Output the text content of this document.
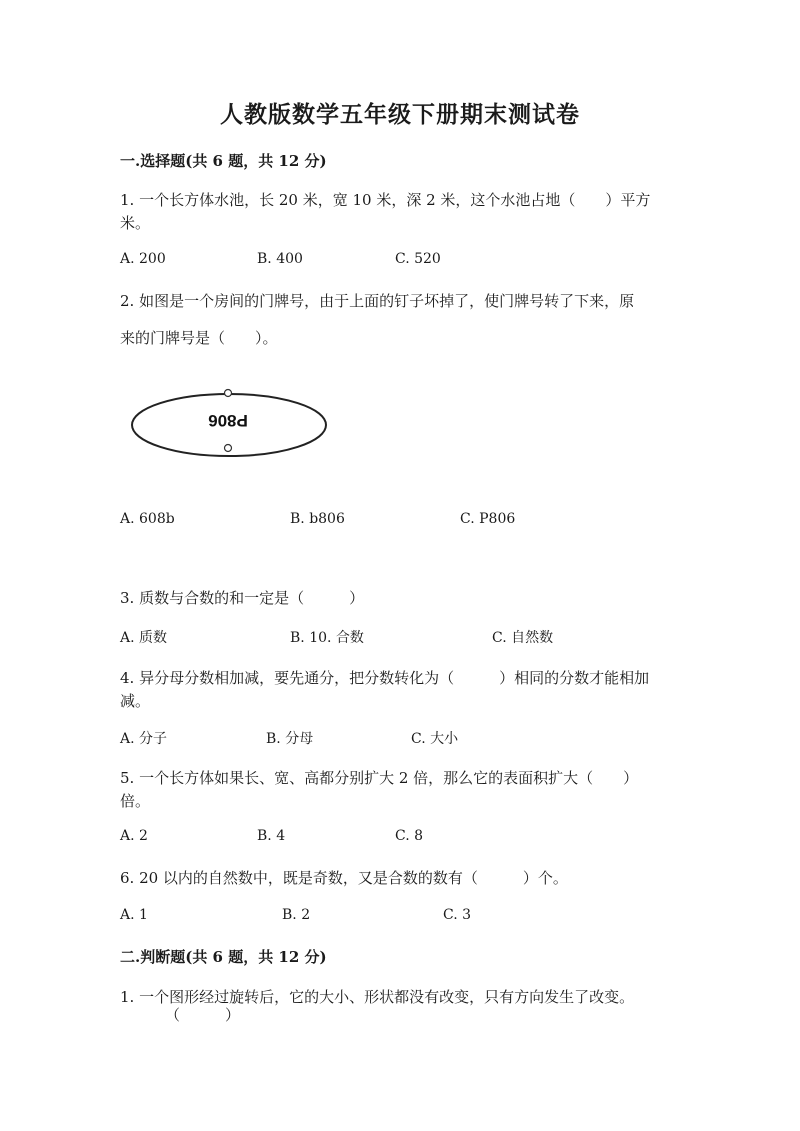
人教版数学五年级下册期末测试卷
一.选择题(共 6 题，共 12 分)
1. 一个长方体水池，长 20 米，宽 10 米，深 2 米，这个水池占地（　　）平方
米。
A. 200	B. 400	C. 520
2. 如图是一个房间的门牌号，由于上面的钉子坏掉了，使门牌号转了下来，原
来的门牌号是（　　）。
P806
A. 608b	B. b806	C. P806
3. 质数与合数的和一定是（　　　）
A. 质数	B. 10. 合数	C. 自然数
4. 异分母分数相加减，要先通分，把分数转化为（　　　）相同的分数才能相加
减。
A. 分子	B. 分母	C. 大小
5. 一个长方体如果长、宽、高都分别扩大 2 倍，那么它的表面积扩大（　　）
倍。
A. 2	B. 4	C. 8
6. 20 以内的自然数中，既是奇数，又是合数的数有（　　　）个。
A. 1	B. 2	C. 3
二.判断题(共 6 题，共 12 分)
1. 一个图形经过旋转后，它的大小、形状都没有改变，只有方向发生了改变。
（　　　）
